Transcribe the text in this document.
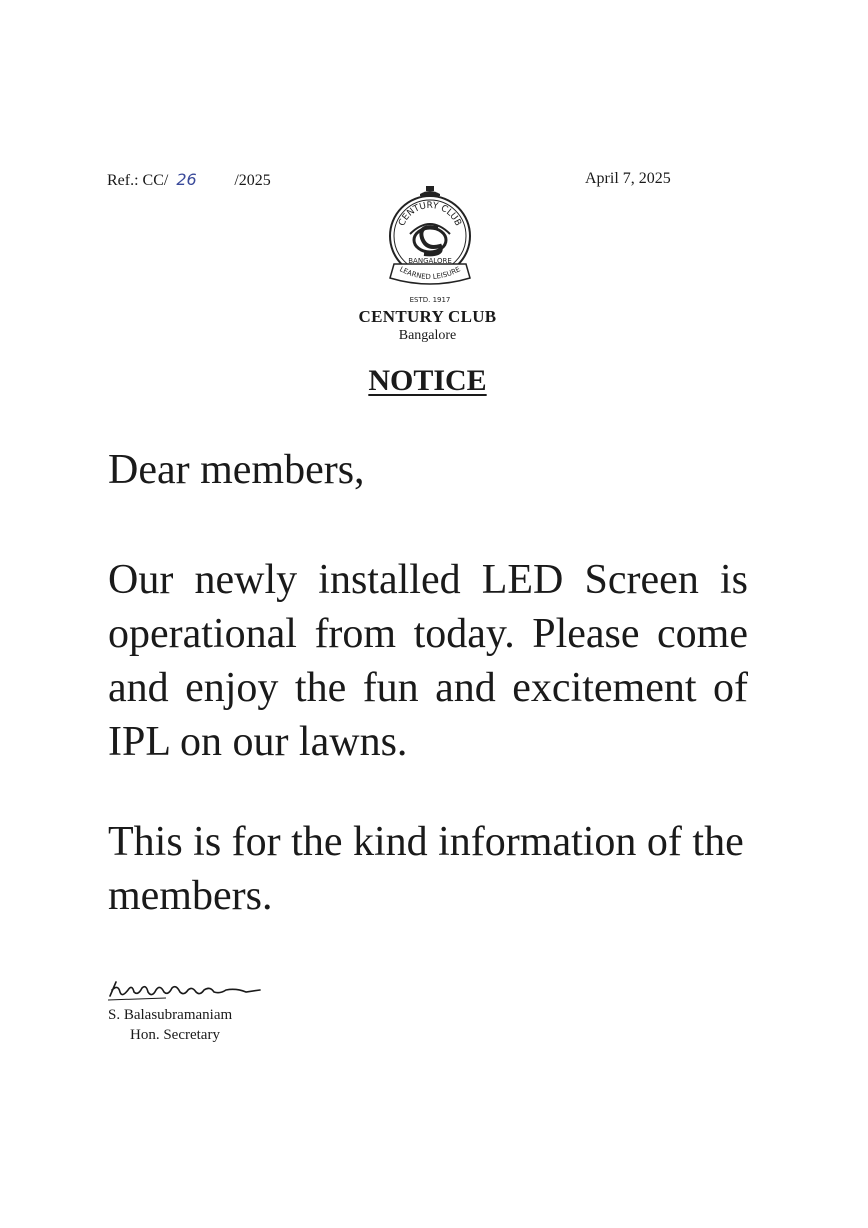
Ref.: CC/ 26 /2025	April 7, 2025
CENTURY CLUB
BANGALORE
LEARNED LEISURE
ESTD. 1917
CENTURY CLUB
Bangalore
NOTICE
Dear members,
Our newly installed LED Screen is operational from today. Please come and enjoy the fun and excitement of IPL on our lawns.
This is for the kind information of the members.
S. Balasubramaniam
Hon. Secretary
